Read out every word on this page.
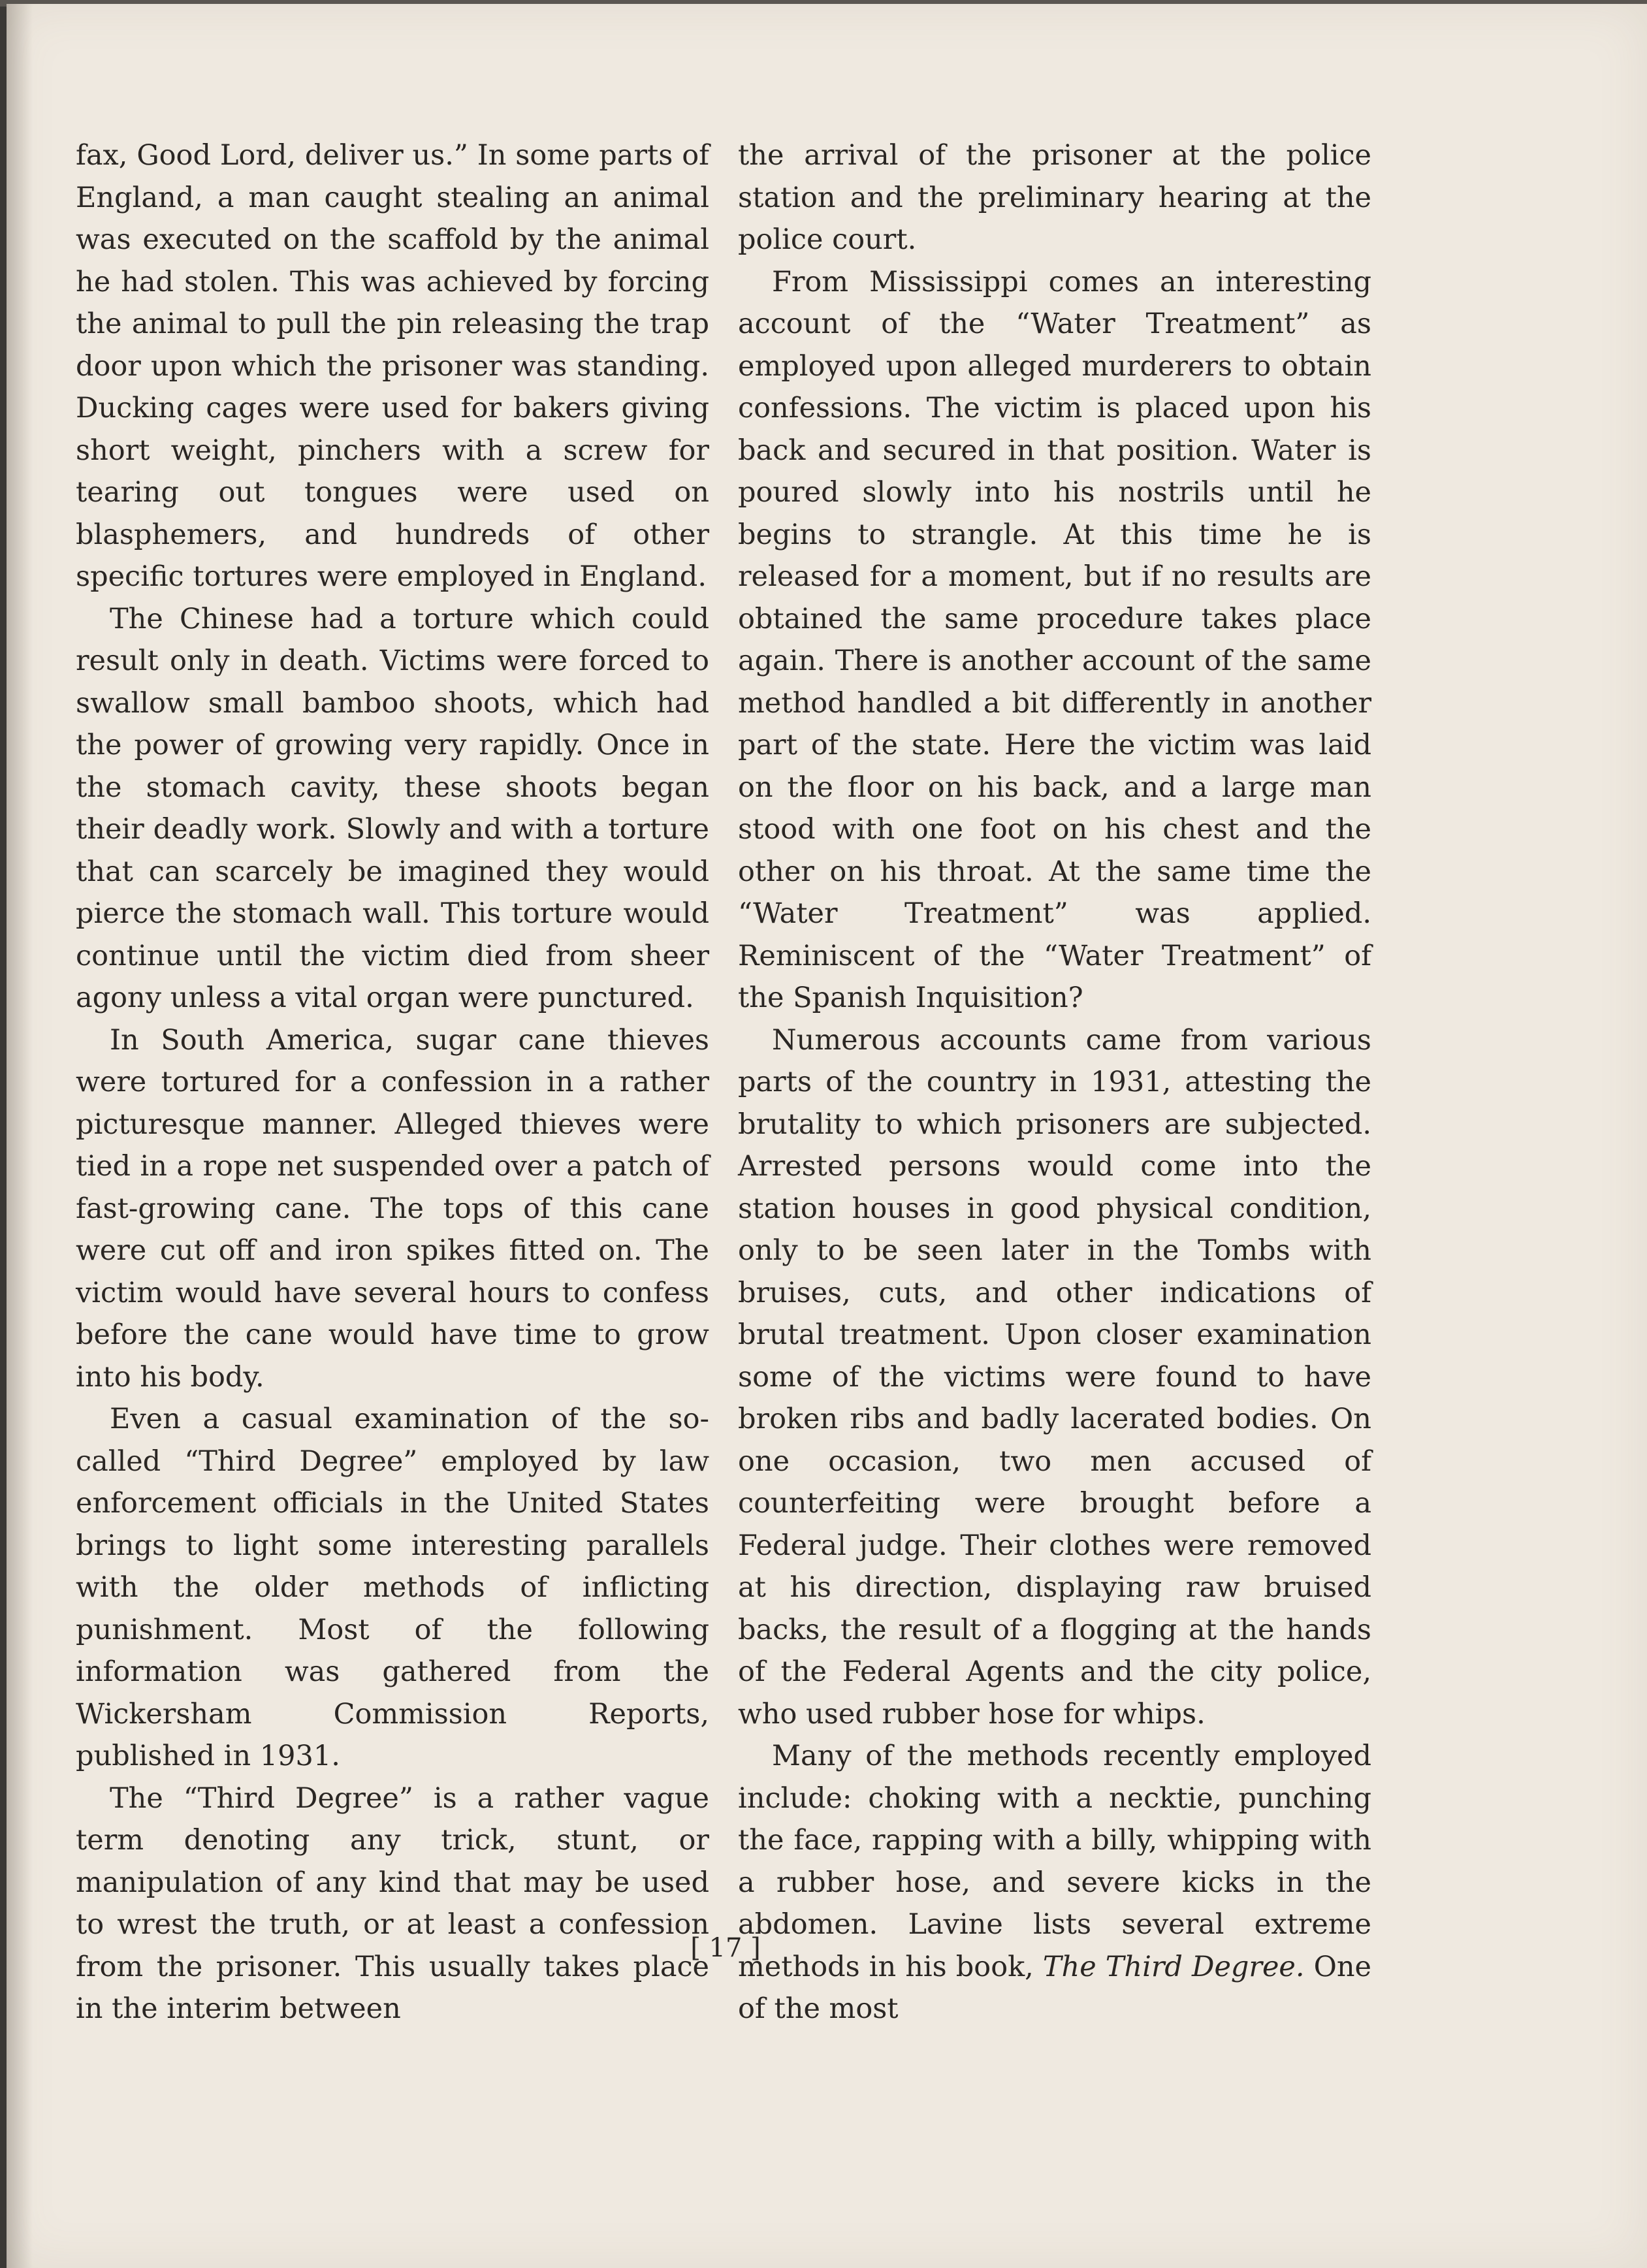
fax, Good Lord, deliver us.” In some parts of England, a man caught stealing an animal was executed on the scaffold by the animal he had stolen. This was achieved by forcing the animal to pull the pin releasing the trap door upon which the prisoner was standing. Ducking cages were used for bakers giving short weight, pinchers with a screw for tearing out tongues were used on blasphemers, and hundreds of other specific tortures were employed in England.

The Chinese had a torture which could result only in death. Victims were forced to swallow small bamboo shoots, which had the power of growing very rapidly. Once in the stomach cavity, these shoots began their deadly work. Slowly and with a torture that can scarcely be imagined they would pierce the stomach wall. This torture would continue until the victim died from sheer agony unless a vital organ were punctured.

In South America, sugar cane thieves were tortured for a confession in a rather picturesque manner. Alleged thieves were tied in a rope net suspended over a patch of fast-growing cane. The tops of this cane were cut off and iron spikes fitted on. The victim would have several hours to confess before the cane would have time to grow into his body.

Even a casual examination of the so-called “Third Degree” employed by law enforcement officials in the United States brings to light some interesting parallels with the older methods of inflicting punishment. Most of the following information was gathered from the Wickersham Commission Reports, published in 1931.

The “Third Degree” is a rather vague term denoting any trick, stunt, or manipulation of any kind that may be used to wrest the truth, or at least a confession from the prisoner. This usually takes place in the interim between

the arrival of the prisoner at the police station and the preliminary hearing at the police court.

From Mississippi comes an interesting account of the “Water Treatment” as employed upon alleged murderers to obtain confessions. The victim is placed upon his back and secured in that position. Water is poured slowly into his nostrils until he begins to strangle. At this time he is released for a moment, but if no results are obtained the same procedure takes place again. There is another account of the same method handled a bit differently in another part of the state. Here the victim was laid on the floor on his back, and a large man stood with one foot on his chest and the other on his throat. At the same time the “Water Treatment” was applied. Reminiscent of the “Water Treatment” of the Spanish Inquisition?

Numerous accounts came from various parts of the country in 1931, attesting the brutality to which prisoners are subjected. Arrested persons would come into the station houses in good physical condition, only to be seen later in the Tombs with bruises, cuts, and other indications of brutal treatment. Upon closer examination some of the victims were found to have broken ribs and badly lacerated bodies. On one occasion, two men accused of counterfeiting were brought before a Federal judge. Their clothes were removed at his direction, displaying raw bruised backs, the result of a flogging at the hands of the Federal Agents and the city police, who used rubber hose for whips.

Many of the methods recently employed include: choking with a necktie, punching the face, rapping with a billy, whipping with a rubber hose, and severe kicks in the abdomen. Lavine lists several extreme methods in his book, The Third Degree. One of the most

[ 17 ]
